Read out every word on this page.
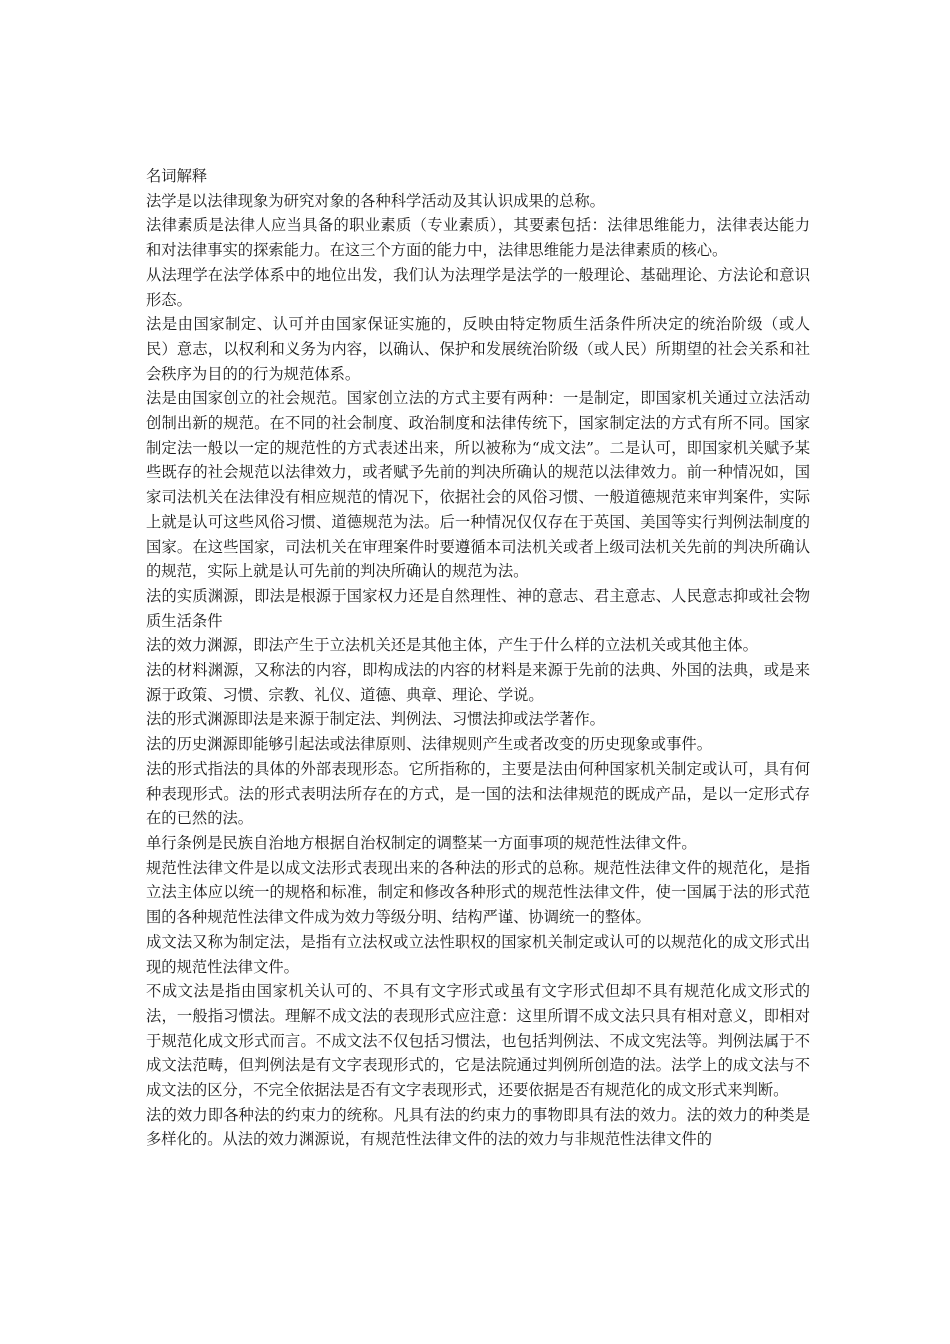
名词解释

法学是以法律现象为研究对象的各种科学活动及其认识成果的总称。

法律素质是法律人应当具备的职业素质（专业素质），其要素包括：法律思维能力，法律表达能力和对法律事实的探索能力。在这三个方面的能力中，法律思维能力是法律素质的核心。

从法理学在法学体系中的地位出发，我们认为法理学是法学的一般理论、基础理论、方法论和意识形态。

法是由国家制定、认可并由国家保证实施的，反映由特定物质生活条件所决定的统治阶级（或人民）意志，以权利和义务为内容，以确认、保护和发展统治阶级（或人民）所期望的社会关系和社会秩序为目的的行为规范体系。

法是由国家创立的社会规范。国家创立法的方式主要有两种：一是制定，即国家机关通过立法活动创制出新的规范。在不同的社会制度、政治制度和法律传统下，国家制定法的方式有所不同。国家制定法一般以一定的规范性的方式表述出来，所以被称为“成文法”。二是认可，即国家机关赋予某些既存的社会规范以法律效力，或者赋予先前的判决所确认的规范以法律效力。前一种情况如，国家司法机关在法律没有相应规范的情况下，依据社会的风俗习惯、一般道德规范来审判案件，实际上就是认可这些风俗习惯、道德规范为法。后一种情况仅仅存在于英国、美国等实行判例法制度的国家。在这些国家，司法机关在审理案件时要遵循本司法机关或者上级司法机关先前的判决所确认的规范，实际上就是认可先前的判决所确认的规范为法。

法的实质渊源，即法是根源于国家权力还是自然理性、神的意志、君主意志、人民意志抑或社会物质生活条件

法的效力渊源，即法产生于立法机关还是其他主体，产生于什么样的立法机关或其他主体。

法的材料渊源，又称法的内容，即构成法的内容的材料是来源于先前的法典、外国的法典，或是来源于政策、习惯、宗教、礼仪、道德、典章、理论、学说。

法的形式渊源即法是来源于制定法、判例法、习惯法抑或法学著作。

法的历史渊源即能够引起法或法律原则、法律规则产生或者改变的历史现象或事件。

法的形式指法的具体的外部表现形态。它所指称的，主要是法由何种国家机关制定或认可，具有何种表现形式。法的形式表明法所存在的方式，是一国的法和法律规范的既成产品，是以一定形式存在的已然的法。

单行条例是民族自治地方根据自治权制定的调整某一方面事项的规范性法律文件。

规范性法律文件是以成文法形式表现出来的各种法的形式的总称。规范性法律文件的规范化，是指立法主体应以统一的规格和标准，制定和修改各种形式的规范性法律文件，使一国属于法的形式范围的各种规范性法律文件成为效力等级分明、结构严谨、协调统一的整体。

成文法又称为制定法，是指有立法权或立法性职权的国家机关制定或认可的以规范化的成文形式出现的规范性法律文件。

不成文法是指由国家机关认可的、不具有文字形式或虽有文字形式但却不具有规范化成文形式的法，一般指习惯法。理解不成文法的表现形式应注意：这里所谓不成文法只具有相对意义，即相对于规范化成文形式而言。不成文法不仅包括习惯法，也包括判例法、不成文宪法等。判例法属于不成文法范畴，但判例法是有文字表现形式的，它是法院通过判例所创造的法。法学上的成文法与不成文法的区分，不完全依据法是否有文字表现形式，还要依据是否有规范化的成文形式来判断。

法的效力即各种法的约束力的统称。凡具有法的约束力的事物即具有法的效力。法的效力的种类是多样化的。从法的效力渊源说，有规范性法律文件的法的效力与非规范性法律文件的
